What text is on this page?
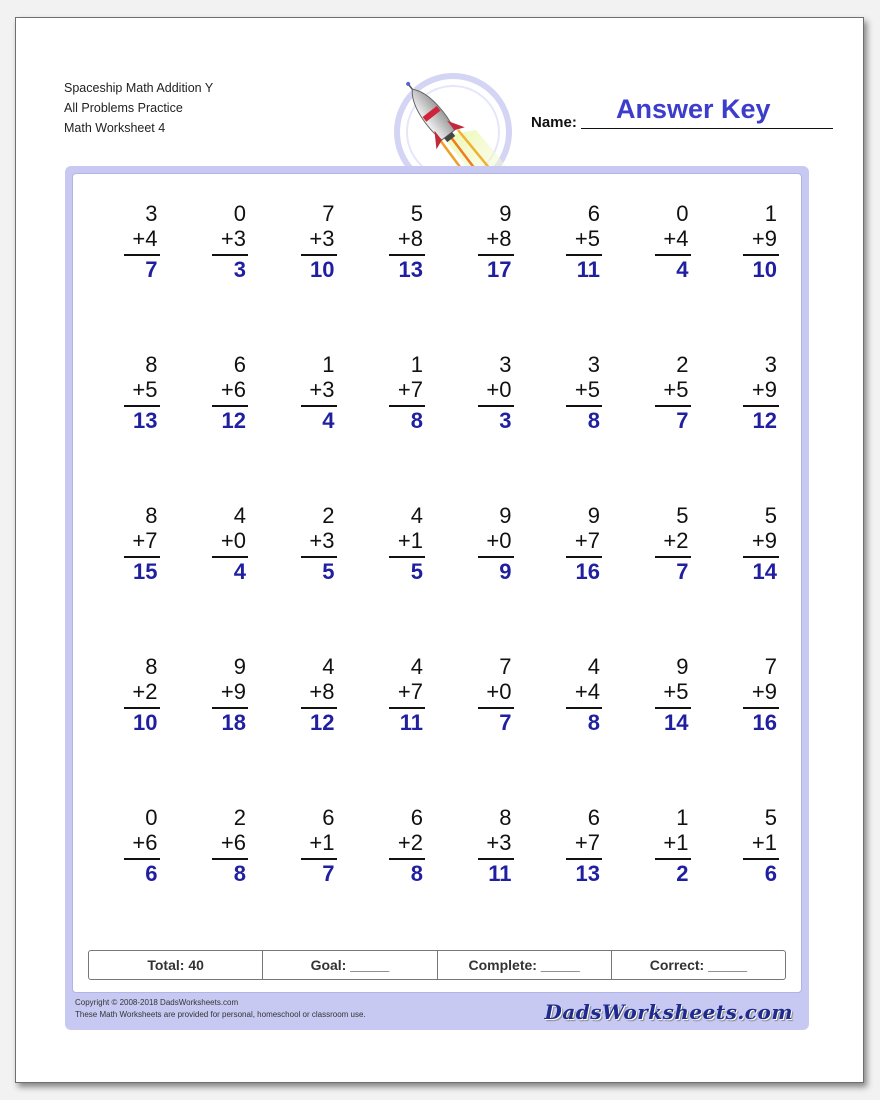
Spaceship Math Addition Y
All Problems Practice
Math Worksheet 4	Name: Answer Key
3
+4
7
0
+3
3
7
+3
10
5
+8
13
9
+8
17
6
+5
11
0
+4
4
1
+9
10
8
+5
13
6
+6
12
1
+3
4
1
+7
8
3
+0
3
3
+5
8
2
+5
7
3
+9
12
8
+7
15
4
+0
4
2
+3
5
4
+1
5
9
+0
9
9
+7
16
5
+2
7
5
+9
14
8
+2
10
9
+9
18
4
+8
12
4
+7
11
7
+0
7
4
+4
8
9
+5
14
7
+9
16
0
+6
6
2
+6
8
6
+1
7
6
+2
8
8
+3
11
6
+7
13
1
+1
2
5
+1
6
Total: 40	Goal: _____	Complete: _____	Correct: _____
Copyright © 2008-2018 DadsWorksheets.com
These Math Worksheets are provided for personal, homeschool or classroom use.	DadsWorksheets.com
